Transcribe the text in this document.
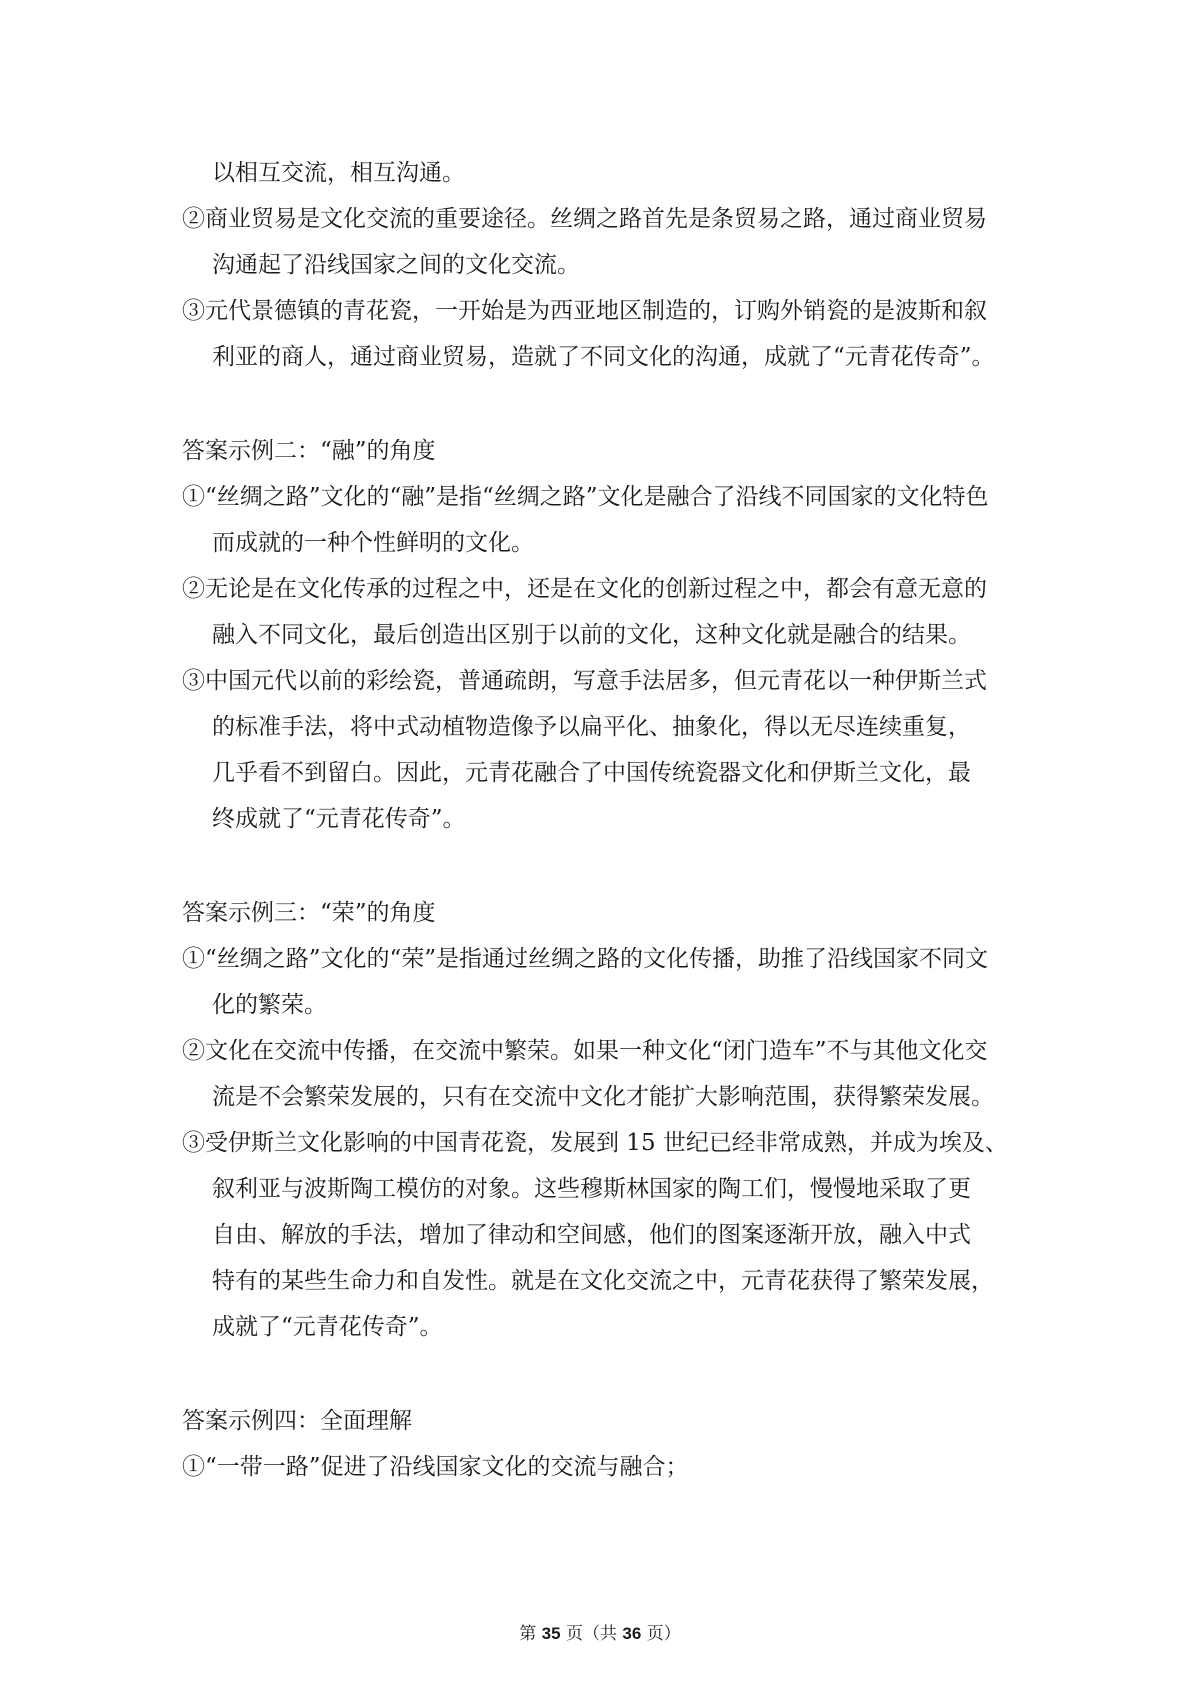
以相互交流，相互沟通。

②商业贸易是文化交流的重要途径。丝绸之路首先是条贸易之路，通过商业贸易
沟通起了沿线国家之间的文化交流。

③元代景德镇的青花瓷，一开始是为西亚地区制造的，订购外销瓷的是波斯和叙
利亚的商人，通过商业贸易，造就了不同文化的沟通，成就了“元青花传奇”。

答案示例二：“融”的角度

①“丝绸之路”文化的“融”是指“丝绸之路”文化是融合了沿线不同国家的文化特色
而成就的一种个性鲜明的文化。

②无论是在文化传承的过程之中，还是在文化的创新过程之中，都会有意无意的
融入不同文化，最后创造出区别于以前的文化，这种文化就是融合的结果。

③中国元代以前的彩绘瓷，普通疏朗，写意手法居多，但元青花以一种伊斯兰式
的标准手法，将中式动植物造像予以扁平化、抽象化，得以无尽连续重复，
几乎看不到留白。因此，元青花融合了中国传统瓷器文化和伊斯兰文化，最
终成就了“元青花传奇”。

答案示例三：“荣”的角度

①“丝绸之路”文化的“荣”是指通过丝绸之路的文化传播，助推了沿线国家不同文
化的繁荣。

②文化在交流中传播，在交流中繁荣。如果一种文化“闭门造车”不与其他文化交
流是不会繁荣发展的，只有在交流中文化才能扩大影响范围，获得繁荣发展。

③受伊斯兰文化影响的中国青花瓷，发展到 15 世纪已经非常成熟，并成为埃及、
叙利亚与波斯陶工模仿的对象。这些穆斯林国家的陶工们，慢慢地采取了更
自由、解放的手法，增加了律动和空间感，他们的图案逐渐开放，融入中式
特有的某些生命力和自发性。就是在文化交流之中，元青花获得了繁荣发展，
成就了“元青花传奇”。

答案示例四：全面理解

①“一带一路”促进了沿线国家文化的交流与融合；

第 35 页（共 36 页）
